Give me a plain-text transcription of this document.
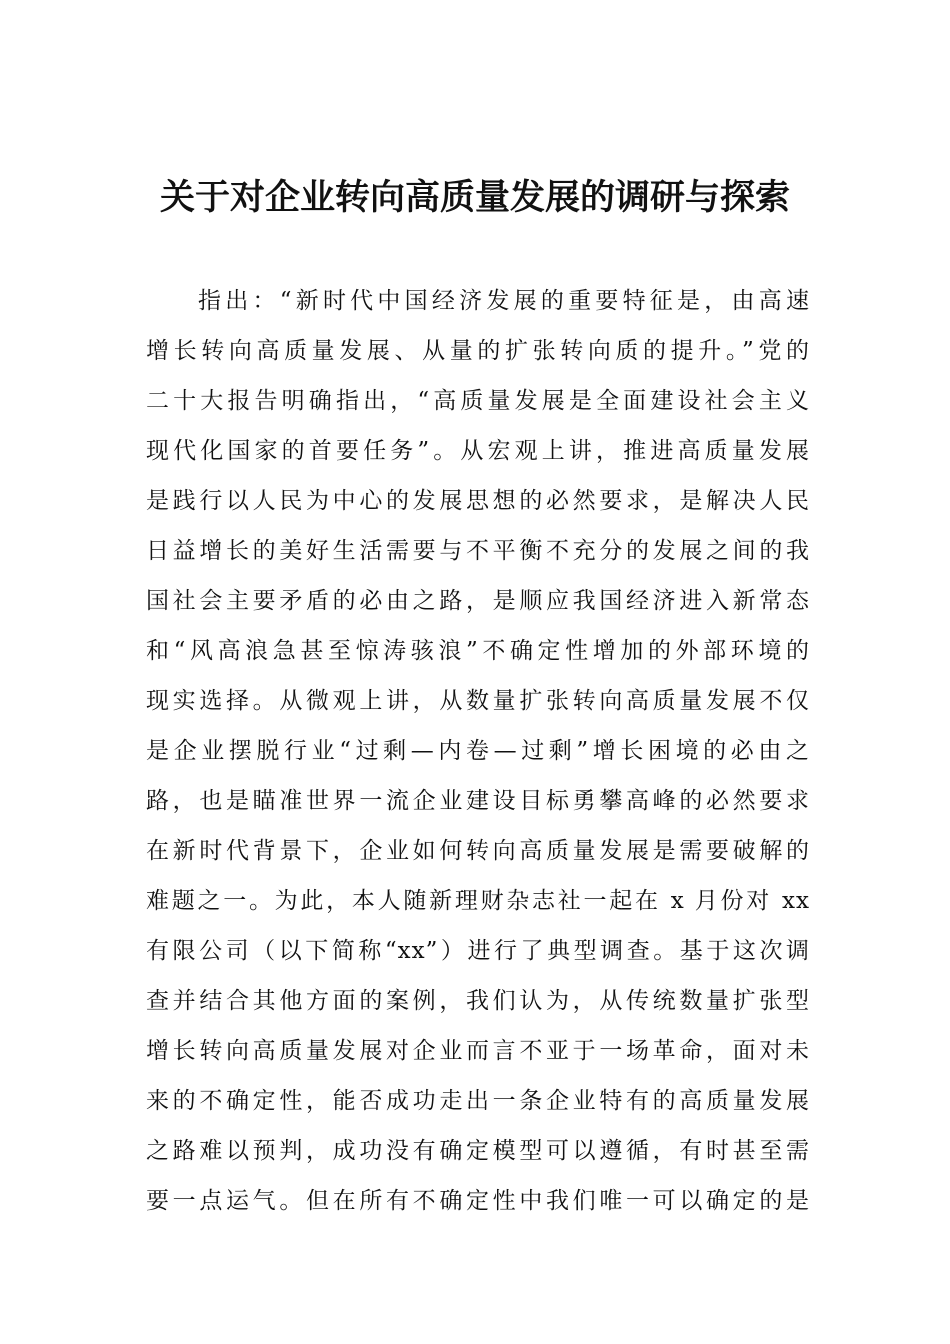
关于对企业转向高质量发展的调研与探索
指出：“新时代中国经济发展的重要特征是，由高速
增长转向高质量发展、从量的扩张转向质的提升。”党的
二十大报告明确指出，“高质量发展是全面建设社会主义
现代化国家的首要任务”。从宏观上讲，推进高质量发展
是践行以人民为中心的发展思想的必然要求，是解决人民
日益增长的美好生活需要与不平衡不充分的发展之间的我
国社会主要矛盾的必由之路，是顺应我国经济进入新常态
和“风高浪急甚至惊涛骇浪”不确定性增加的外部环境的
现实选择。从微观上讲，从数量扩张转向高质量发展不仅
是企业摆脱行业“过剩—内卷—过剩”增长困境的必由之
路，也是瞄准世界一流企业建设目标勇攀高峰的必然要求
在新时代背景下，企业如何转向高质量发展是需要破解的
难题之一。为此，本人随新理财杂志社一起在 x 月份对 xx
有限公司（以下简称“xx”）进行了典型调查。基于这次调
查并结合其他方面的案例，我们认为，从传统数量扩张型
增长转向高质量发展对企业而言不亚于一场革命，面对未
来的不确定性，能否成功走出一条企业特有的高质量发展
之路难以预判，成功没有确定模型可以遵循，有时甚至需
要一点运气。但在所有不确定性中我们唯一可以确定的是
